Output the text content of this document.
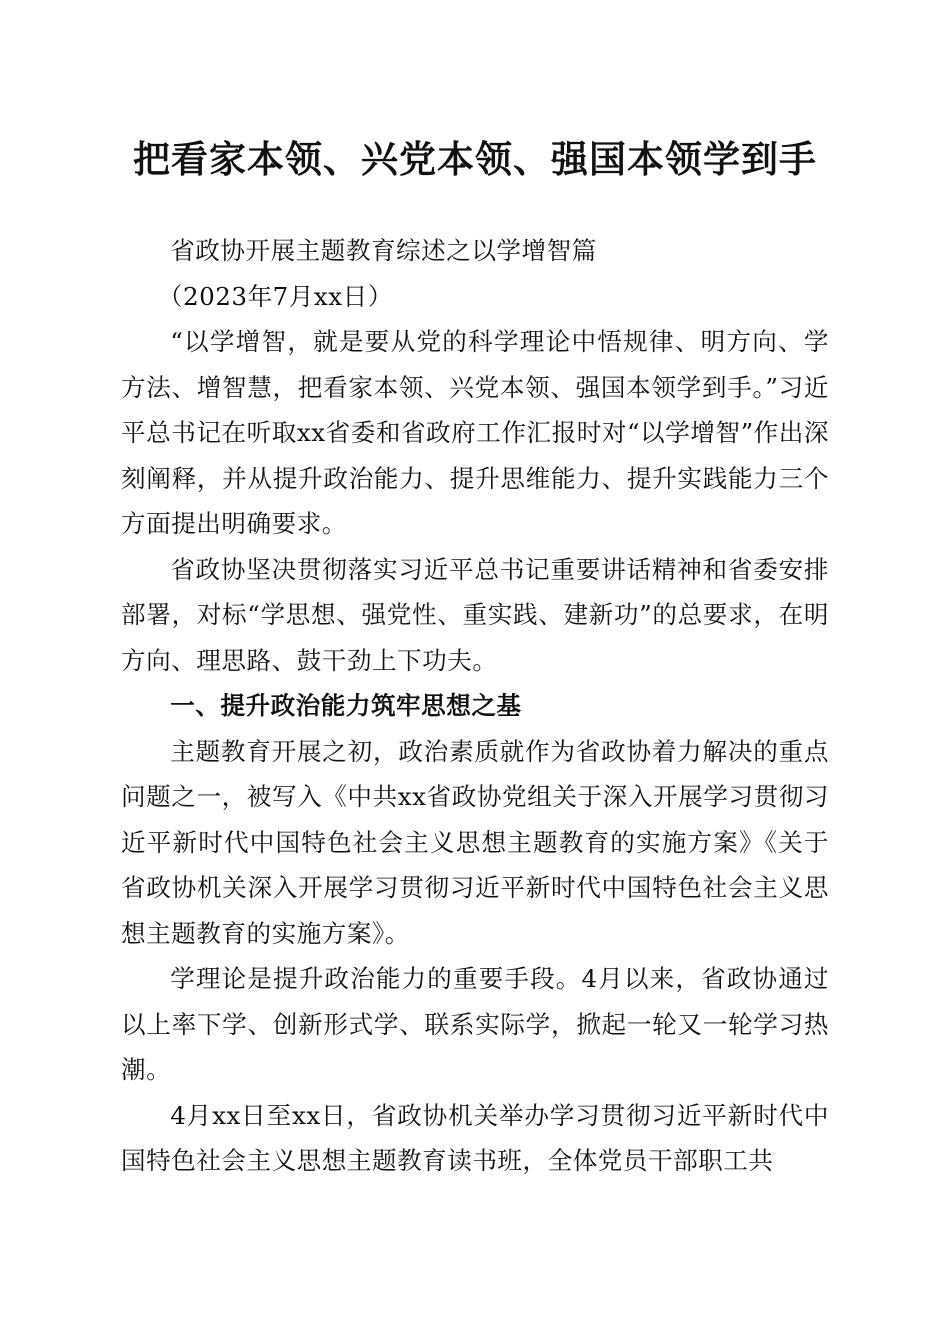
把看家本领、兴党本领、强国本领学到手

省政协开展主题教育综述之以学增智篇

（2023年7月xx日）

“以学增智，就是要从党的科学理论中悟规律、明方向、学方法、增智慧，把看家本领、兴党本领、强国本领学到手。”习近平总书记在听取xx省委和省政府工作汇报时对“以学增智”作出深刻阐释，并从提升政治能力、提升思维能力、提升实践能力三个方面提出明确要求。

省政协坚决贯彻落实习近平总书记重要讲话精神和省委安排部署，对标“学思想、强党性、重实践、建新功”的总要求，在明方向、理思路、鼓干劲上下功夫。

一、提升政治能力筑牢思想之基

主题教育开展之初，政治素质就作为省政协着力解决的重点问题之一，被写入《中共xx省政协党组关于深入开展学习贯彻习近平新时代中国特色社会主义思想主题教育的实施方案》《关于省政协机关深入开展学习贯彻习近平新时代中国特色社会主义思想主题教育的实施方案》。

学理论是提升政治能力的重要手段。4月以来，省政协通过以上率下学、创新形式学、联系实际学，掀起一轮又一轮学习热潮。

4月xx日至xx日，省政协机关举办学习贯彻习近平新时代中国特色社会主义思想主题教育读书班，全体党员干部职工共
